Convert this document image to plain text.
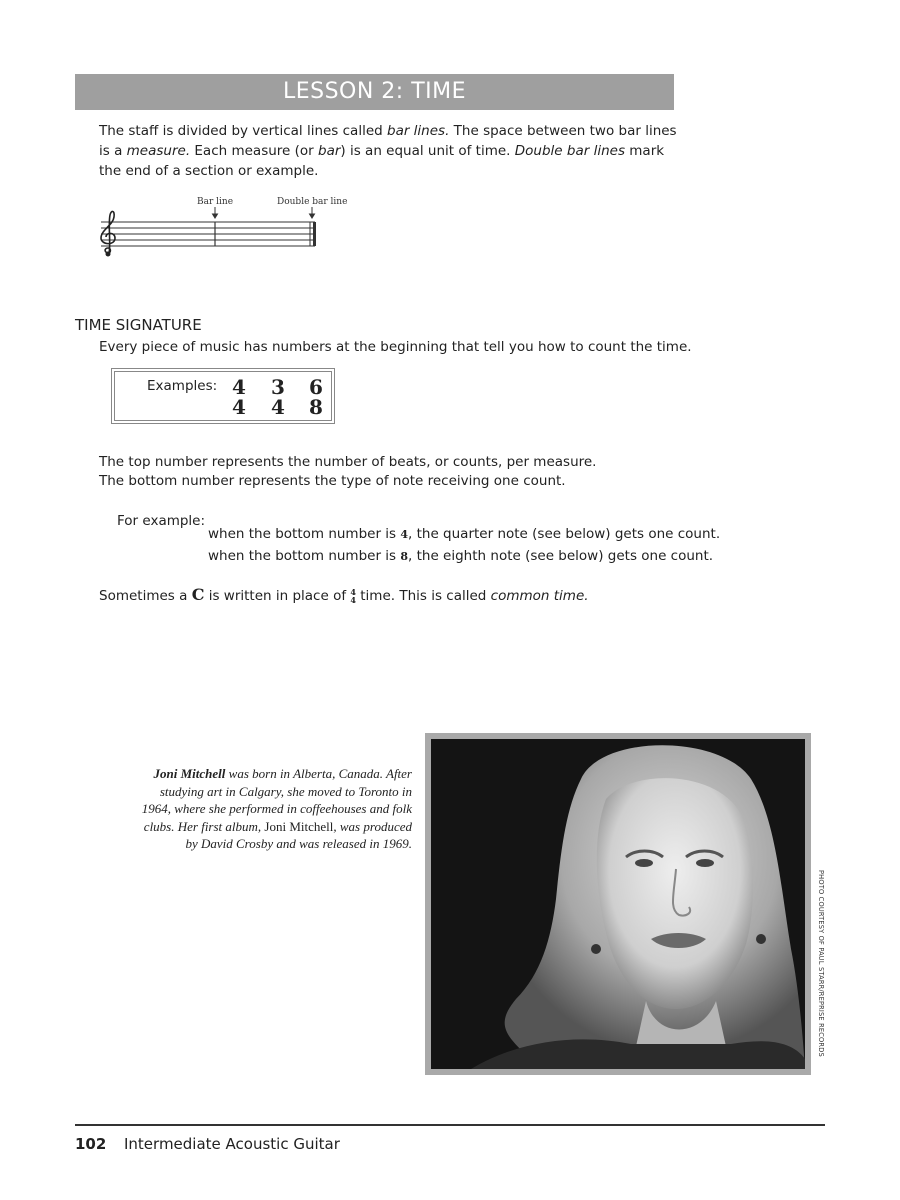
LESSON 2: TIME
The staff is divided by vertical lines called bar lines. The space between two bar lines is a measure. Each measure (or bar) is an equal unit of time. Double bar lines mark the end of a section or example.
Bar line	Double bar line
TIME SIGNATURE
Every piece of music has numbers at the beginning that tell you how to count the time.
Examples: 4
4
3
4
6
8
The top number represents the number of beats, or counts, per measure.
The bottom number represents the type of note receiving one count.
For example:
when the bottom number is 4, the quarter note (see below) gets one count.
when the bottom number is 8, the eighth note (see below) gets one count.
Sometimes a C is written in place of 4
4 time. This is called common time.
Joni Mitchell was born in Alberta, Canada. After studying art in Calgary, she moved to Toronto in 1964, where she performed in coffeehouses and folk clubs. Her first album, Joni Mitchell, was produced by David Crosby and was released in 1969.
PHOTO COURTESY OF PAUL STARR/REPRISE RECORDS
102 Intermediate Acoustic Guitar
